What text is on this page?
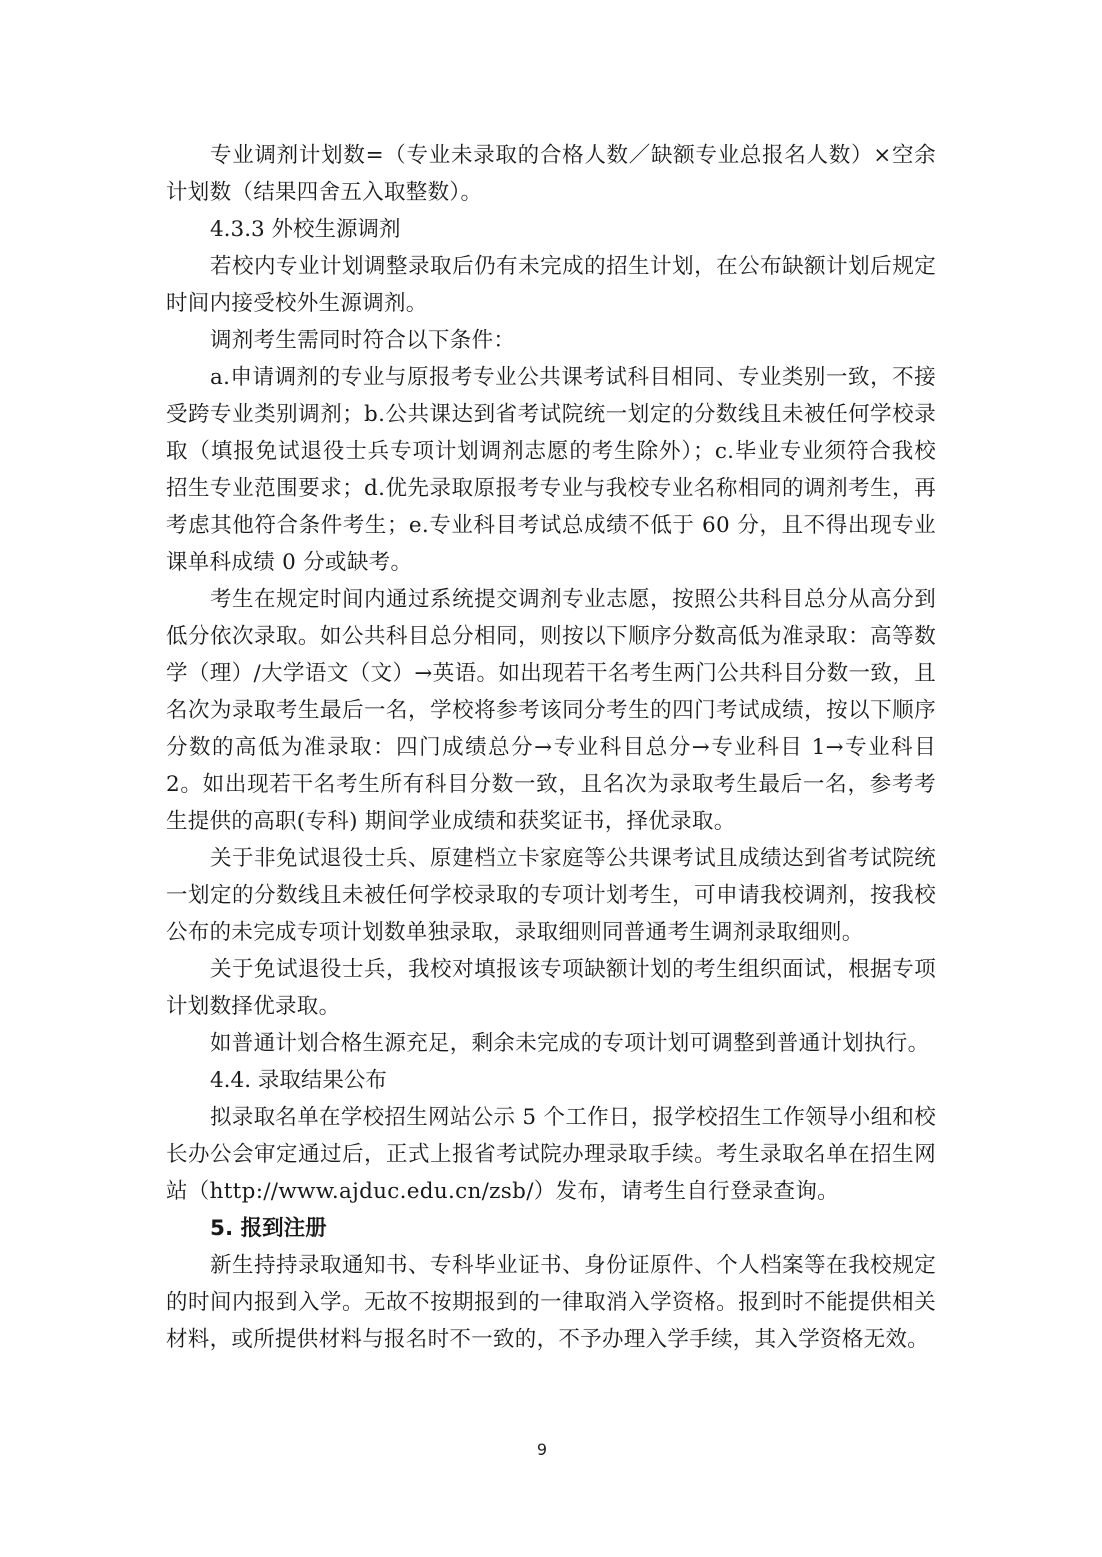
专业调剂计划数=（专业未录取的合格人数／缺额专业总报名人数）×空余计划数（结果四舍五入取整数）。

4.3.3 外校生源调剂

若校内专业计划调整录取后仍有未完成的招生计划，在公布缺额计划后规定时间内接受校外生源调剂。

调剂考生需同时符合以下条件：

a.申请调剂的专业与原报考专业公共课考试科目相同、专业类别一致，不接受跨专业类别调剂；b.公共课达到省考试院统一划定的分数线且未被任何学校录取（填报免试退役士兵专项计划调剂志愿的考生除外）；c.毕业专业须符合我校招生专业范围要求；d.优先录取原报考专业与我校专业名称相同的调剂考生，再考虑其他符合条件考生；e.专业科目考试总成绩不低于 60 分，且不得出现专业课单科成绩 0 分或缺考。

考生在规定时间内通过系统提交调剂专业志愿，按照公共科目总分从高分到低分依次录取。如公共科目总分相同，则按以下顺序分数高低为准录取：高等数学（理）/大学语文（文）→英语。如出现若干名考生两门公共科目分数一致，且名次为录取考生最后一名，学校将参考该同分考生的四门考试成绩，按以下顺序分数的高低为准录取：四门成绩总分→专业科目总分→专业科目 1→专业科目 2。如出现若干名考生所有科目分数一致，且名次为录取考生最后一名，参考考生提供的高职(专科) 期间学业成绩和获奖证书，择优录取。

关于非免试退役士兵、原建档立卡家庭等公共课考试且成绩达到省考试院统一划定的分数线且未被任何学校录取的专项计划考生，可申请我校调剂，按我校公布的未完成专项计划数单独录取，录取细则同普通考生调剂录取细则。

关于免试退役士兵，我校对填报该专项缺额计划的考生组织面试，根据专项计划数择优录取。

如普通计划合格生源充足，剩余未完成的专项计划可调整到普通计划执行。

4.4. 录取结果公布

拟录取名单在学校招生网站公示 5 个工作日，报学校招生工作领导小组和校长办公会审定通过后，正式上报省考试院办理录取手续。考生录取名单在招生网站（http://www.ajduc.edu.cn/zsb/）发布，请考生自行登录查询。

5. 报到注册

新生持持录取通知书、专科毕业证书、身份证原件、个人档案等在我校规定的时间内报到入学。无故不按期报到的一律取消入学资格。报到时不能提供相关材料，或所提供材料与报名时不一致的，不予办理入学手续，其入学资格无效。

9
